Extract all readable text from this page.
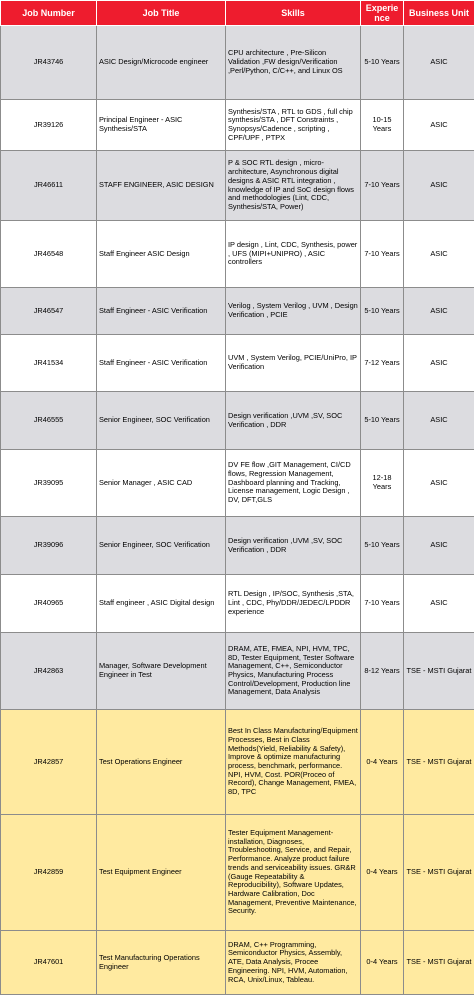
Job Number	Job Title	Skills	Experie nce	Business Unit
JR43746	ASIC Design/Microcode engineer	CPU architecture , Pre-Silicon Validation ,FW design/Verification ,Perl/Python, C/C++, and Linux OS	5-10 Years	ASIC
JR39126	Principal Engineer - ASIC Synthesis/STA	Synthesis/STA , RTL to GDS , full chip synthesis/STA , DFT Constraints , Synopsys/Cadence , scripting , CPF/UPF , PTPX	10-15 Years	ASIC
JR46611	STAFF ENGINEER, ASIC DESIGN	P & SOC RTL design , micro-architecture, Asynchronous digital designs & ASIC RTL integration , knowledge of IP and SoC design flows and methodologies (Lint, CDC, Synthesis/STA, Power)	7-10 Years	ASIC
JR46548	Staff Engineer ASIC Design	IP design , Lint, CDC, Synthesis, power , UFS (MIPI+UNIPRO) , ASIC controllers	7-10 Years	ASIC
JR46547	Staff Engineer - ASIC Verification	Verilog , System Verilog , UVM , Design Verification , PCIE	5-10 Years	ASIC
JR41534	Staff Engineer - ASIC Verification	UVM , System Verilog, PCIE/UniPro, IP Verification	7-12 Years	ASIC
JR46555	Senior Engineer, SOC Verification	Design verification ,UVM ,SV, SOC Verification , DDR	5-10 Years	ASIC
JR39095	Senior Manager , ASIC CAD	DV FE flow ,GIT Management, CI/CD flows, Regression Management, Dashboard planning and Tracking, License management, Logic Design , DV, DFT,GLS	12-18 Years	ASIC
JR39096	Senior Engineer, SOC Verification	Design verification ,UVM ,SV, SOC Verification , DDR	5-10 Years	ASIC
JR40965	Staff engineer , ASIC Digital design	RTL Design , IP/SOC, Synthesis ,STA, Lint , CDC, Phy/DDR/JEDEC/LPDDR experience	7-10 Years	ASIC
JR42863	Manager, Software Development Engineer in Test	DRAM, ATE, FMEA, NPI, HVM, TPC, 8D, Tester Equipment, Tester Software Management, C++, Semiconductor Physics, Manufacturing Process Control/Development, Production line Management, Data Analysis	8-12 Years	TSE - MSTI Gujarat
JR42857	Test Operations Engineer	Best In Class Manufacturing/Equipment Processes, Best in Class Methods(Yield, Reliability & Safety), Improve & optimize manufacturing process, benchmark, performance. NPI, HVM, Cost. POR(Proceo of Record), Change Management, FMEA, 8D, TPC	0-4 Years	TSE - MSTI Gujarat
JR42859	Test Equipment Engineer	Tester Equipment Management-installation, Diagnoses, Troubleshooting, Service, and Repair, Performance. Analyze product failure trends and serviceability issues. GR&R (Gauge Repeatability & Reproducibility), Software Updates, Hardware Calibration, Doc Management, Preventive Maintenance, Security.	0-4 Years	TSE - MSTI Gujarat
JR47601	Test Manufacturing Operations Engineer	DRAM, C++ Programming, Semiconductor Physics, Assembly, ATE, Data Analysis, Procee Engineering. NPI, HVM, Automation, RCA, Unix/Linux, Tableau.	0-4 Years	TSE - MSTI Gujarat
